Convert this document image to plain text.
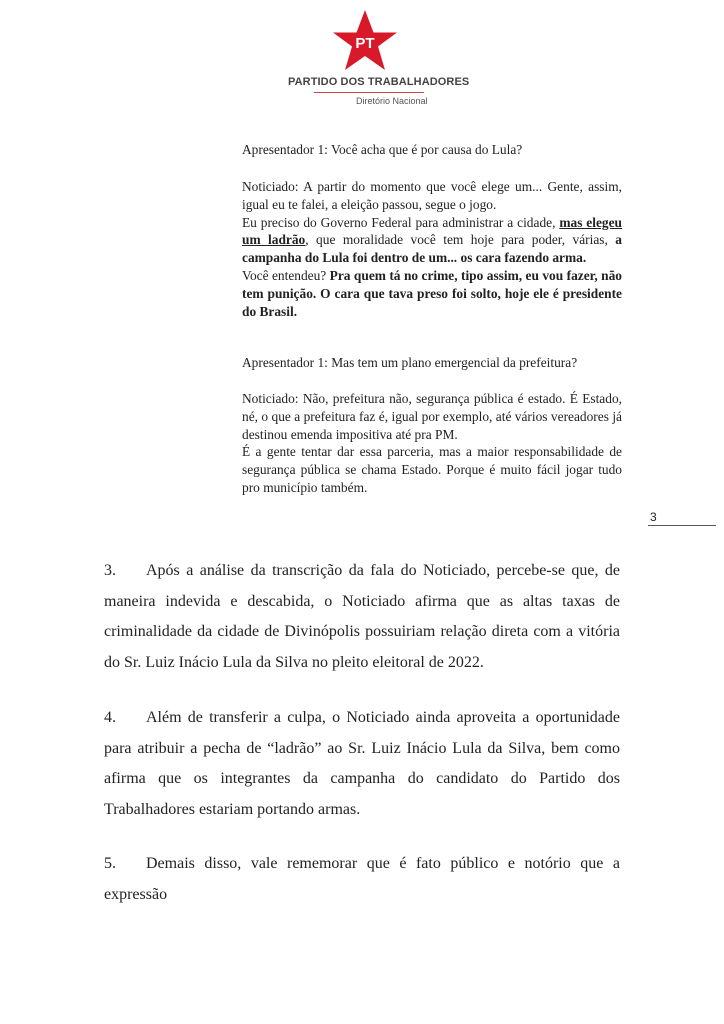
PT
PARTIDO DOS TRABALHADORES
Diretório Nacional

Apresentador 1: Você acha que é por causa do Lula?

Noticiado: A partir do momento que você elege um... Gente, assim, igual eu te falei, a eleição passou, segue o jogo.

Eu preciso do Governo Federal para administrar a cidade, mas elegeu um ladrão, que moralidade você tem hoje para poder, várias, a campanha do Lula foi dentro de um... os cara fazendo arma.

Você entendeu? Pra quem tá no crime, tipo assim, eu vou fazer, não tem punição. O cara que tava preso foi solto, hoje ele é presidente do Brasil.

Apresentador 1: Mas tem um plano emergencial da prefeitura?

Noticiado: Não, prefeitura não, segurança pública é estado. É Estado, né, o que a prefeitura faz é, igual por exemplo, até vários vereadores já destinou emenda impositiva até pra PM.

É a gente tentar dar essa parceria, mas a maior responsabilidade de segurança pública se chama Estado. Porque é muito fácil jogar tudo pro município também.

3
3. Após a análise da transcrição da fala do Noticiado, percebe-se que, de maneira indevida e descabida, o Noticiado afirma que as altas taxas de criminalidade da cidade de Divinópolis possuiriam relação direta com a vitória do Sr. Luiz Inácio Lula da Silva no pleito eleitoral de 2022.
4. Além de transferir a culpa, o Noticiado ainda aproveita a oportunidade para atribuir a pecha de “ladrão” ao Sr. Luiz Inácio Lula da Silva, bem como afirma que os integrantes da campanha do candidato do Partido dos Trabalhadores estariam portando armas.
5. Demais disso, vale rememorar que é fato público e notório que a expressão
